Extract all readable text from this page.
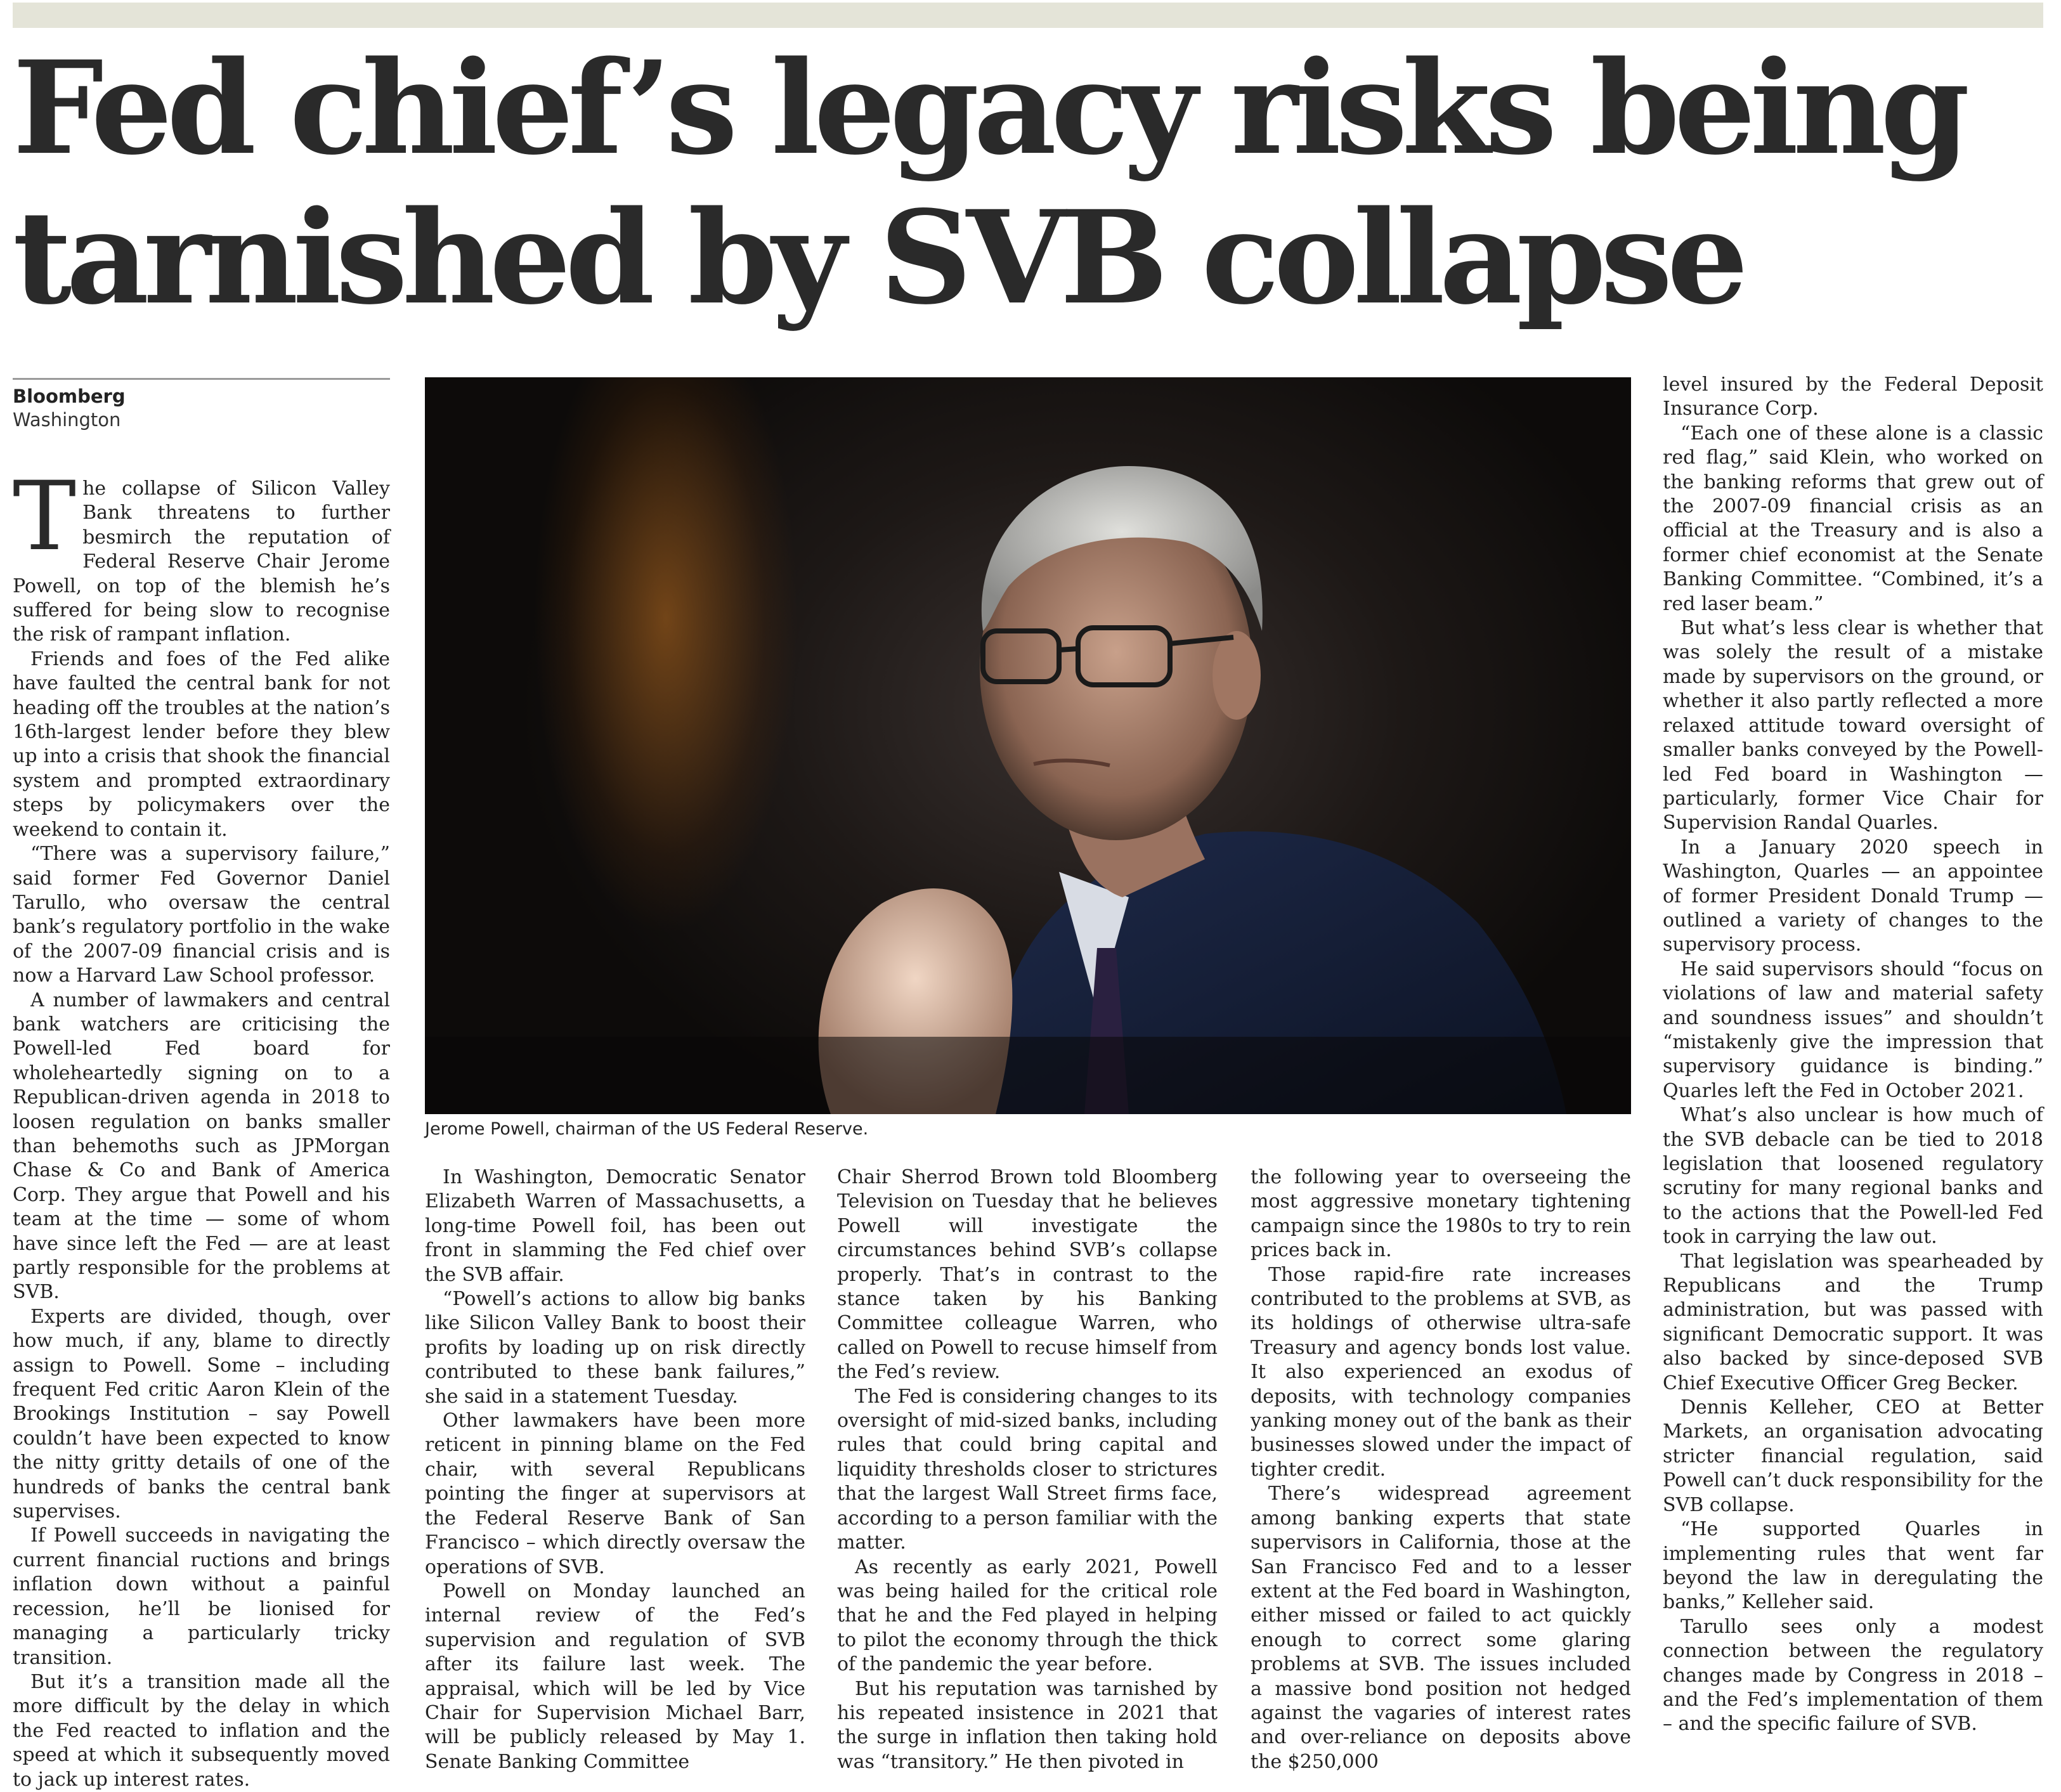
Fed chief’s legacy risks being
tarnished by SVB collapse
Bloomberg
Washington

The collapse of Silicon Valley Bank threatens to further besmirch the reputation of Federal Reserve Chair Jerome Powell, on top of the blemish he’s suffered for being slow to recognise the risk of rampant inflation.

Friends and foes of the Fed alike have faulted the central bank for not heading off the troubles at the nation’s 16th-largest lender before they blew up into a crisis that shook the financial system and prompted extraordinary steps by policymakers over the weekend to contain it.

“There was a supervisory failure,” said former Fed Governor Daniel Tarullo, who oversaw the central bank’s regulatory portfolio in the wake of the 2007-09 financial crisis and is now a Harvard Law School professor.

A number of lawmakers and central bank watchers are criticising the Powell-led Fed board for wholeheartedly signing on to a Republican-driven agenda in 2018 to loosen regulation on banks smaller than behemoths such as JPMorgan Chase & Co and Bank of America Corp. They argue that Powell and his team at the time — some of whom have since left the Fed — are at least partly responsible for the problems at SVB.

Experts are divided, though, over how much, if any, blame to directly assign to Powell. Some – including frequent Fed critic Aaron Klein of the Brookings Institution – say Powell couldn’t have been expected to know the nitty gritty details of one of the hundreds of banks the central bank supervises.

If Powell succeeds in navigating the current financial ructions and brings inflation down without a painful recession, he’ll be lionised for managing a particularly tricky transition.

But it’s a transition made all the more difficult by the delay in which the Fed reacted to inflation and the speed at which it subsequently moved to jack up interest rates.

Jerome Powell, chairman of the US Federal Reserve.

In Washington, Democratic Senator Elizabeth Warren of Massachusetts, a long-time Powell foil, has been out front in slamming the Fed chief over the SVB affair.

“Powell’s actions to allow big banks like Silicon Valley Bank to boost their profits by loading up on risk directly contributed to these bank failures,” she said in a statement Tuesday.

Other lawmakers have been more reticent in pinning blame on the Fed chair, with several Republicans pointing the finger at supervisors at the Federal Reserve Bank of San Francisco – which directly oversaw the operations of SVB.

Powell on Monday launched an internal review of the Fed’s supervision and regulation of SVB after its failure last week. The appraisal, which will be led by Vice Chair for Supervision Michael Barr, will be publicly released by May 1. Senate Banking Committee

Chair Sherrod Brown told Bloomberg Television on Tuesday that he believes Powell will investigate the circumstances behind SVB’s collapse properly. That’s in contrast to the stance taken by his Banking Committee colleague Warren, who called on Powell to recuse himself from the Fed’s review.

The Fed is considering changes to its oversight of mid-sized banks, including rules that could bring capital and liquidity thresholds closer to strictures that the largest Wall Street firms face, according to a person familiar with the matter.

As recently as early 2021, Powell was being hailed for the critical role that he and the Fed played in helping to pilot the economy through the thick of the pandemic the year before.

But his reputation was tarnished by his repeated insistence in 2021 that the surge in inflation then taking hold was “transitory.” He then pivoted in

the following year to overseeing the most aggressive monetary tightening campaign since the 1980s to try to rein prices back in.

Those rapid-fire rate increases contributed to the problems at SVB, as its holdings of otherwise ultra-safe Treasury and agency bonds lost value. It also experienced an exodus of deposits, with technology companies yanking money out of the bank as their businesses slowed under the impact of tighter credit.

There’s widespread agreement among banking experts that state supervisors in California, those at the San Francisco Fed and to a lesser extent at the Fed board in Washington, either missed or failed to act quickly enough to correct some glaring problems at SVB. The issues included a massive bond position not hedged against the vagaries of interest rates and over-reliance on deposits above the $250,000

level insured by the Federal Deposit Insurance Corp.

“Each one of these alone is a classic red flag,” said Klein, who worked on the banking reforms that grew out of the 2007-09 financial crisis as an official at the Treasury and is also a former chief economist at the Senate Banking Committee. “Combined, it’s a red laser beam.”

But what’s less clear is whether that was solely the result of a mistake made by supervisors on the ground, or whether it also partly reflected a more relaxed attitude toward oversight of smaller banks conveyed by the Powell-led Fed board in Washington — particularly, former Vice Chair for Supervision Randal Quarles.

In a January 2020 speech in Washington, Quarles — an appointee of former President Donald Trump — outlined a variety of changes to the supervisory process.

He said supervisors should “focus on violations of law and material safety and soundness issues” and shouldn’t “mistakenly give the impression that supervisory guidance is binding.” Quarles left the Fed in October 2021.

What’s also unclear is how much of the SVB debacle can be tied to 2018 legislation that loosened regulatory scrutiny for many regional banks and to the actions that the Powell-led Fed took in carrying the law out.

That legislation was spearheaded by Republicans and the Trump administration, but was passed with significant Democratic support. It was also backed by since-deposed SVB Chief Executive Officer Greg Becker.

Dennis Kelleher, CEO at Better Markets, an organisation advocating stricter financial regulation, said Powell can’t duck responsibility for the SVB collapse.

“He supported Quarles in implementing rules that went far beyond the law in deregulating the banks,” Kelleher said.

Tarullo sees only a modest connection between the regulatory changes made by Congress in 2018 – and the Fed’s implementation of them – and the specific failure of SVB.
